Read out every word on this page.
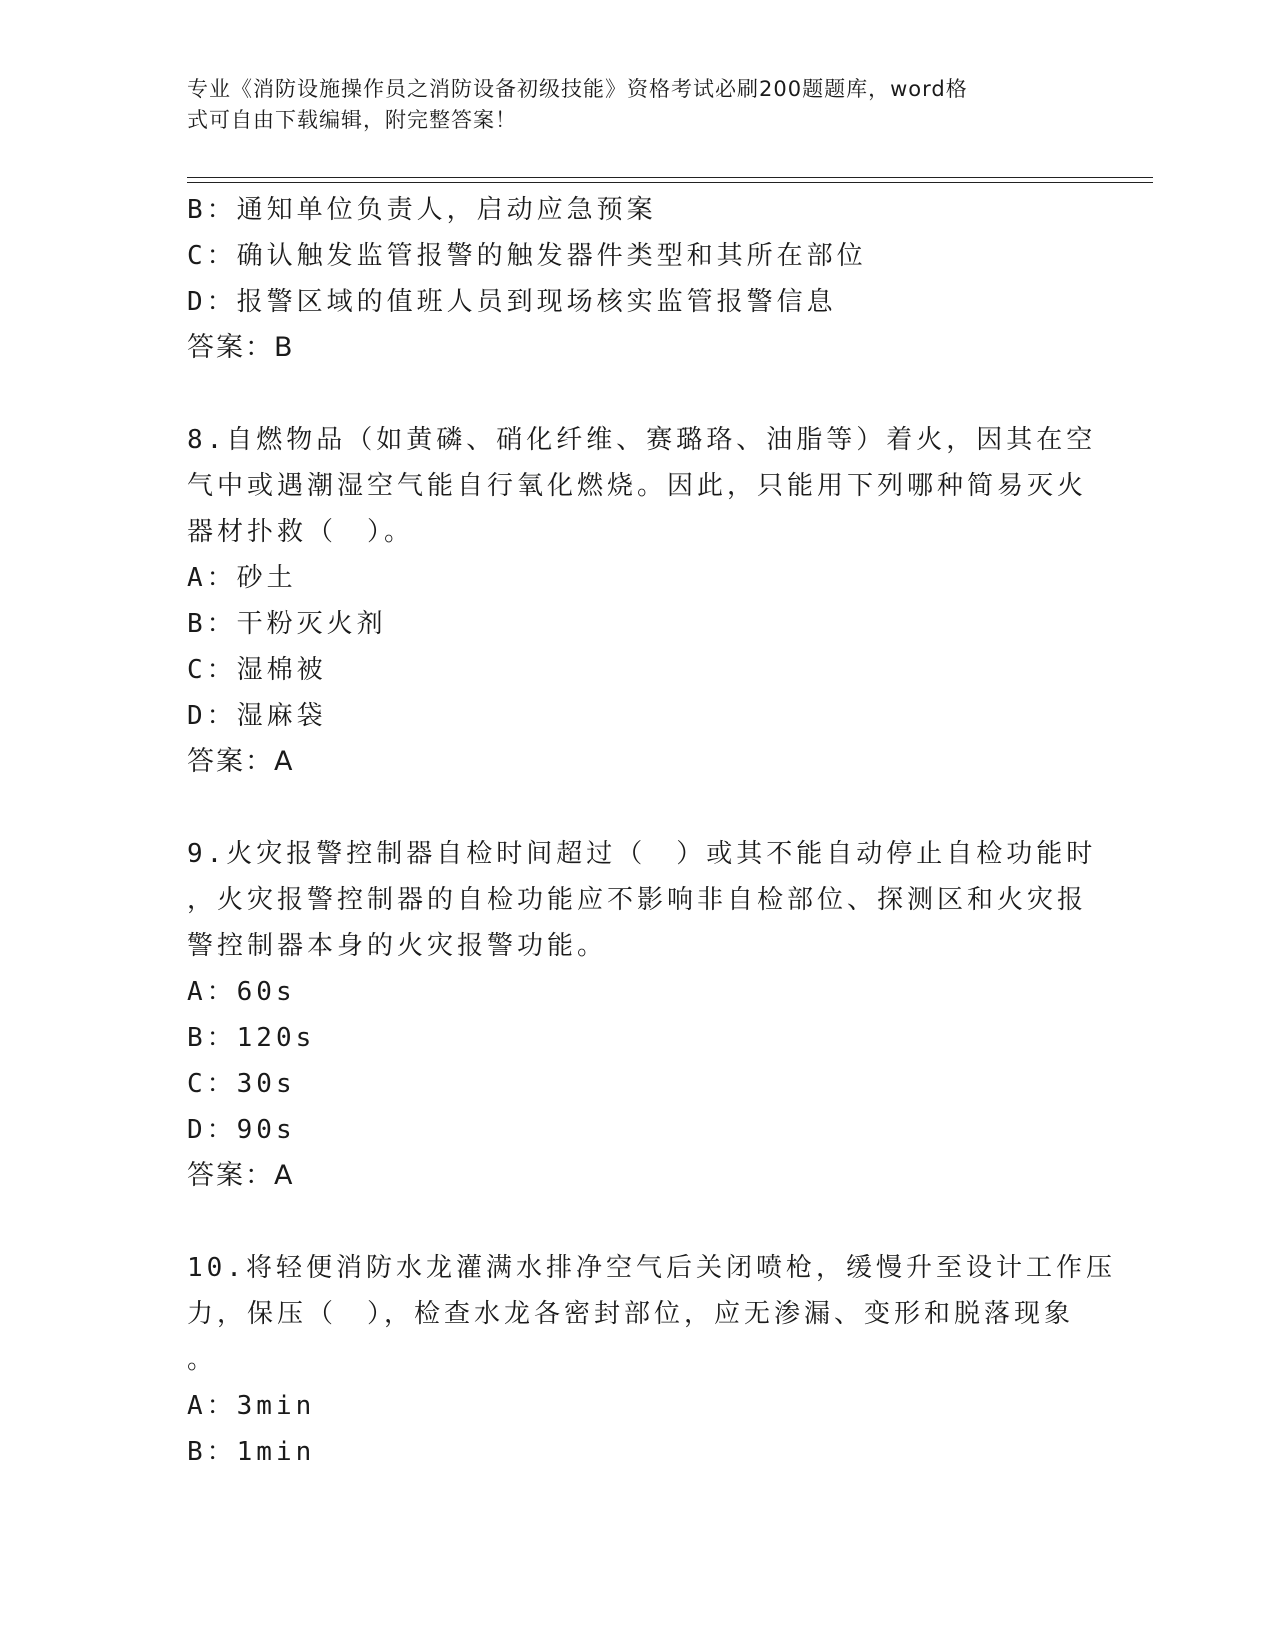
专业《消防设施操作员之消防设备初级技能》资格考试必刷200题题库，word格
式可自由下载编辑，附完整答案！
B：通知单位负责人，启动应急预案
C：确认触发监管报警的触发器件类型和其所在部位
D：报警区域的值班人员到现场核实监管报警信息
答案：B
8.自燃物品（如黄磷、硝化纤维、赛璐珞、油脂等）着火，因其在空
气中或遇潮湿空气能自行氧化燃烧。因此，只能用下列哪种简易灭火
器材扑救（　）。
A：砂土
B：干粉灭火剂
C：湿棉被
D：湿麻袋
答案：A
9.火灾报警控制器自检时间超过（　）或其不能自动停止自检功能时
，火灾报警控制器的自检功能应不影响非自检部位、探测区和火灾报
警控制器本身的火灾报警功能。
A：60s
B：120s
C：30s
D：90s
答案：A
10.将轻便消防水龙灌满水排净空气后关闭喷枪，缓慢升至设计工作压
力，保压（　），检查水龙各密封部位，应无渗漏、变形和脱落现象
。
A：3min
B：1min
